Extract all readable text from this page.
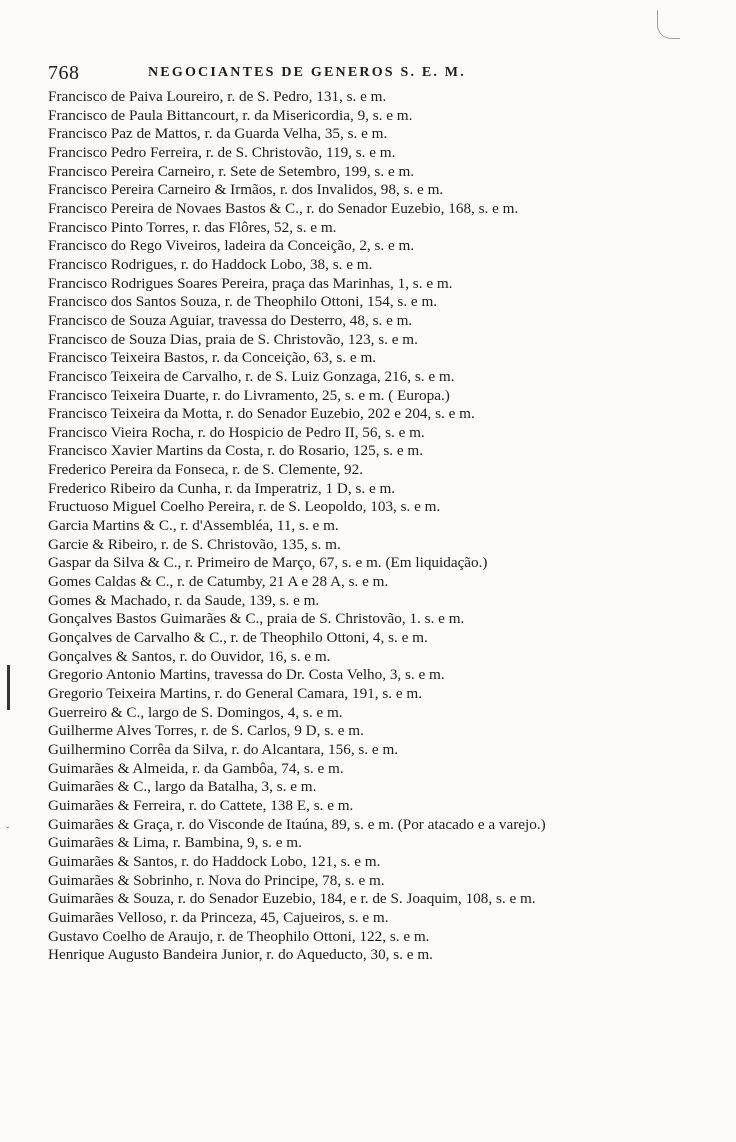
ˇ
768	NEGOCIANTES DE GENEROS S. E. M.
Francisco de Paiva Loureiro, r. de S. Pedro, 131, s. e m.
Francisco de Paula Bittancourt, r. da Misericordia, 9, s. e m.
Francisco Paz de Mattos, r. da Guarda Velha, 35, s. e m.
Francisco Pedro Ferreira, r. de S. Christovão, 119, s. e m.
Francisco Pereira Carneiro, r. Sete de Setembro, 199, s. e m.
Francisco Pereira Carneiro & Irmãos, r. dos Invalidos, 98, s. e m.
Francisco Pereira de Novaes Bastos & C., r. do Senador Euzebio, 168, s. e m.
Francisco Pinto Torres, r. das Flôres, 52, s. e m.
Francisco do Rego Viveiros, ladeira da Conceição, 2, s. e m.
Francisco Rodrigues, r. do Haddock Lobo, 38, s. e m.
Francisco Rodrigues Soares Pereira, praça das Marinhas, 1, s. e m.
Francisco dos Santos Souza, r. de Theophilo Ottoni, 154, s. e m.
Francisco de Souza Aguiar, travessa do Desterro, 48, s. e m.
Francisco de Souza Dias, praia de S. Christovão, 123, s. e m.
Francisco Teixeira Bastos, r. da Conceição, 63, s. e m.
Francisco Teixeira de Carvalho, r. de S. Luiz Gonzaga, 216, s. e m.
Francisco Teixeira Duarte, r. do Livramento, 25, s. e m. ( Europa.)
Francisco Teixeira da Motta, r. do Senador Euzebio, 202 e 204, s. e m.
Francisco Vieira Rocha, r. do Hospicio de Pedro II, 56, s. e m.
Francisco Xavier Martins da Costa, r. do Rosario, 125, s. e m.
Frederico Pereira da Fonseca, r. de S. Clemente, 92.
Frederico Ribeiro da Cunha, r. da Imperatriz, 1 D, s. e m.
Fructuoso Miguel Coelho Pereira, r. de S. Leopoldo, 103, s. e m.
Garcia Martins & C., r. d'Assembléa, 11, s. e m.
Garcie & Ribeiro, r. de S. Christovão, 135, s. m.
Gaspar da Silva & C., r. Primeiro de Março, 67, s. e m. (Em liquidação.)
Gomes Caldas & C., r. de Catumby, 21 A e 28 A, s. e m.
Gomes & Machado, r. da Saude, 139, s. e m.
Gonçalves Bastos Guimarães & C., praia de S. Christovão, 1. s. e m.
Gonçalves de Carvalho & C., r. de Theophilo Ottoni, 4, s. e m.
Gonçalves & Santos, r. do Ouvidor, 16, s. e m.
Gregorio Antonio Martins, travessa do Dr. Costa Velho, 3, s. e m.
Gregorio Teixeira Martins, r. do General Camara, 191, s. e m.
Guerreiro & C., largo de S. Domingos, 4, s. e m.
Guilherme Alves Torres, r. de S. Carlos, 9 D, s. e m.
Guilhermino Corrêa da Silva, r. do Alcantara, 156, s. e m.
Guimarães & Almeida, r. da Gambôa, 74, s. e m.
Guimarães & C., largo da Batalha, 3, s. e m.
Guimarães & Ferreira, r. do Cattete, 138 E, s. e m.
Guimarães & Graça, r. do Visconde de Itaúna, 89, s. e m. (Por atacado e a varejo.)
Guimarães & Lima, r. Bambina, 9, s. e m.
Guimarães & Santos, r. do Haddock Lobo, 121, s. e m.
Guimarães & Sobrinho, r. Nova do Principe, 78, s. e m.
Guimarães & Souza, r. do Senador Euzebio, 184, e r. de S. Joaquim, 108, s. e m.
Guimarães Velloso, r. da Princeza, 45, Cajueiros, s. e m.
Gustavo Coelho de Araujo, r. de Theophilo Ottoni, 122, s. e m.
Henrique Augusto Bandeira Junior, r. do Aqueducto, 30, s. e m.
